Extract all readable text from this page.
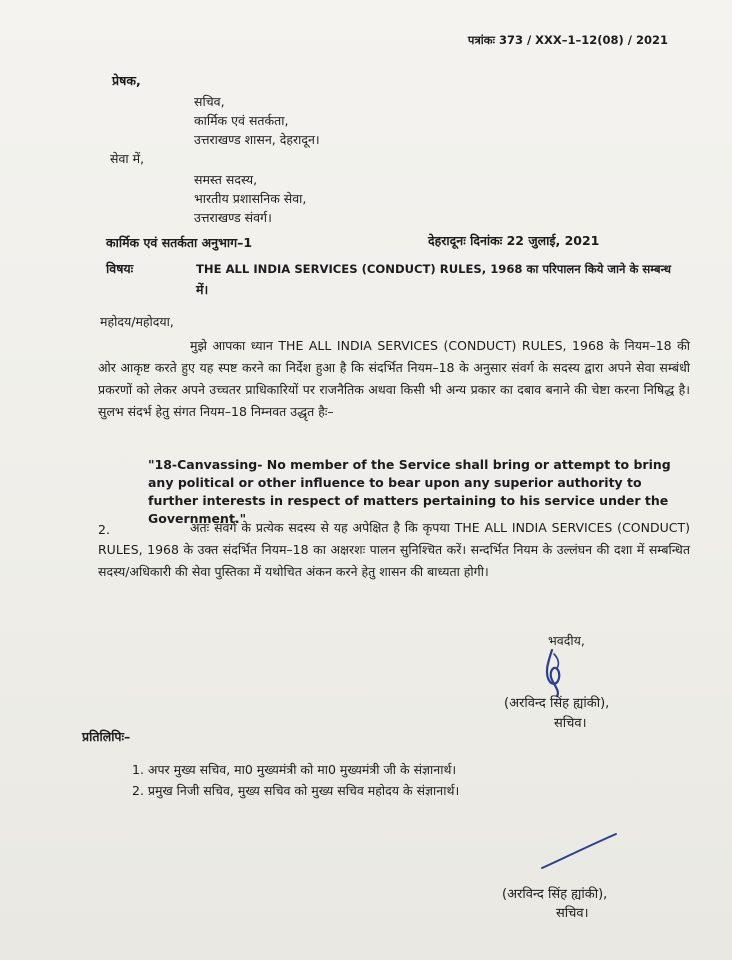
पत्रांकः 373 / XXX–1–12(08) / 2021
प्रेषक,
सचिव,
कार्मिक एवं सतर्कता,
उत्तराखण्ड शासन, देहरादून।
सेवा में,
समस्त सदस्य,
भारतीय प्रशासनिक सेवा,
उत्तराखण्ड संवर्ग।
कार्मिक एवं सतर्कता अनुभाग–1	देहरादूनः दिनांकः 22 जुलाई, 2021
विषयः	THE ALL INDIA SERVICES (CONDUCT) RULES, 1968 का परिपालन किये जाने के सम्बन्ध
में।
महोदय/महोदया,

मुझे आपका ध्यान THE ALL INDIA SERVICES (CONDUCT) RULES, 1968 के नियम–18 की ओर आकृष्ट करते हुए यह स्पष्ट करने का निर्देश हुआ है कि संदर्भित नियम–18 के अनुसार संवर्ग के सदस्य द्वारा अपने सेवा सम्बंधी प्रकरणों को लेकर अपने उच्चतर प्राधिकारियों पर राजनैतिक अथवा किसी भी अन्य प्रकार का दबाव बनाने की चेष्टा करना निषिद्ध है। सुलभ संदर्भ हेतु संगत नियम–18 निम्नवत उद्धृत हैः–

"18-Canvassing- No member of the Service shall bring or attempt to bring any political or other influence to bear upon any superior authority to further interests in respect of matters pertaining to his service under the Government."

2.	अतः संवर्ग के प्रत्येक सदस्य से यह अपेक्षित है कि कृपया THE ALL INDIA SERVICES (CONDUCT) RULES, 1968 के उक्त संदर्भित नियम–18 का अक्षरशः पालन सुनिश्चित करें। सन्दर्भित नियम के उल्लंघन की दशा में सम्बन्धित सदस्य/अधिकारी की सेवा पुस्तिका में यथोचित अंकन करने हेतु शासन की बाध्यता होगी।

भवदीय,
(अरविन्द सिंह ह्यांकी),
सचिव।
प्रतिलिपिः–
1. अपर मुख्य सचिव, मा0 मुख्यमंत्री को मा0 मुख्यमंत्री जी के संज्ञानार्थ।
2. प्रमुख निजी सचिव, मुख्य सचिव को मुख्य सचिव महोदय के संज्ञानार्थ।
(अरविन्द सिंह ह्यांकी),
सचिव।
